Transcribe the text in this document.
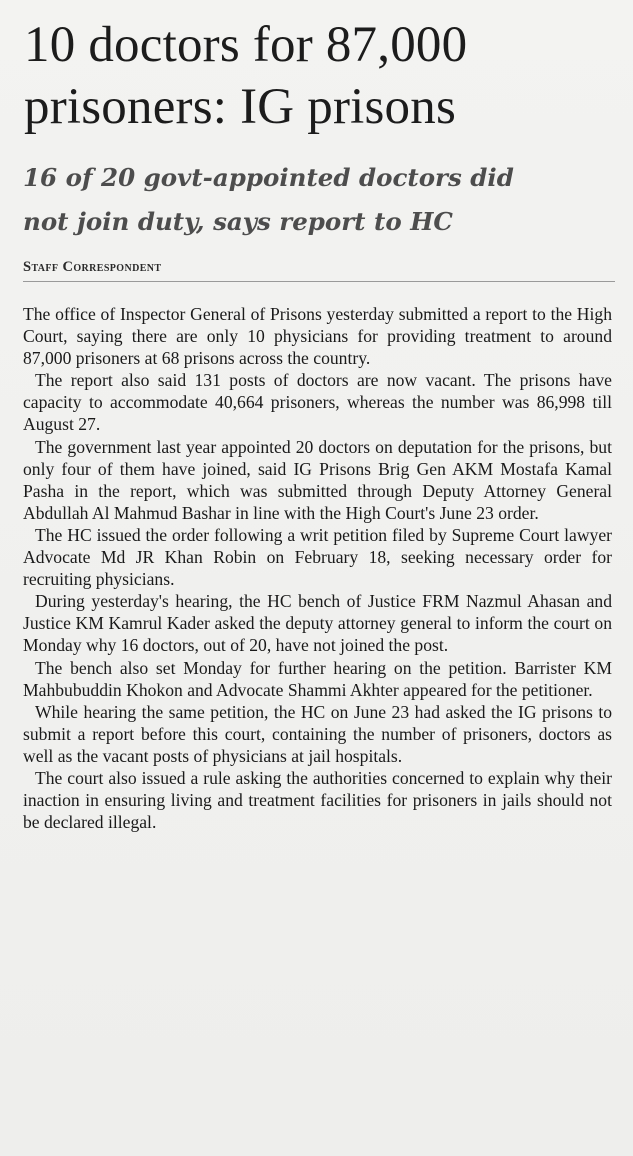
10 doctors for 87,000
prisoners: IG prisons
16 of 20 govt-appointed doctors did
not join duty, says report to HC
Staff Correspondent

The office of Inspector General of Prisons yesterday submitted a report to the High Court, saying there are only 10 physicians for providing treatment to around 87,000 prisoners at 68 prisons across the country.

The report also said 131 posts of doctors are now vacant. The prisons have capacity to accommodate 40,664 prisoners, whereas the number was 86,998 till August 27.

The government last year appointed 20 doctors on deputation for the prisons, but only four of them have joined, said IG Prisons Brig Gen AKM Mostafa Kamal Pasha in the report, which was submitted through Deputy Attorney General Abdullah Al Mahmud Bashar in line with the High Court's June 23 order.

The HC issued the order following a writ petition filed by Supreme Court lawyer Advocate Md JR Khan Robin on February 18, seeking necessary order for recruiting physicians.

During yesterday's hearing, the HC bench of Justice FRM Nazmul Ahasan and Justice KM Kamrul Kader asked the deputy attorney general to inform the court on Monday why 16 doctors, out of 20, have not joined the post.

The bench also set Monday for further hearing on the petition. Barrister KM Mahbubuddin Khokon and Advocate Shammi Akhter appeared for the petitioner.

While hearing the same petition, the HC on June 23 had asked the IG prisons to submit a report before this court, containing the number of prisoners, doctors as well as the vacant posts of physicians at jail hospitals.

The court also issued a rule asking the authorities concerned to explain why their inaction in ensuring living and treatment facilities for prisoners in jails should not be declared illegal.
